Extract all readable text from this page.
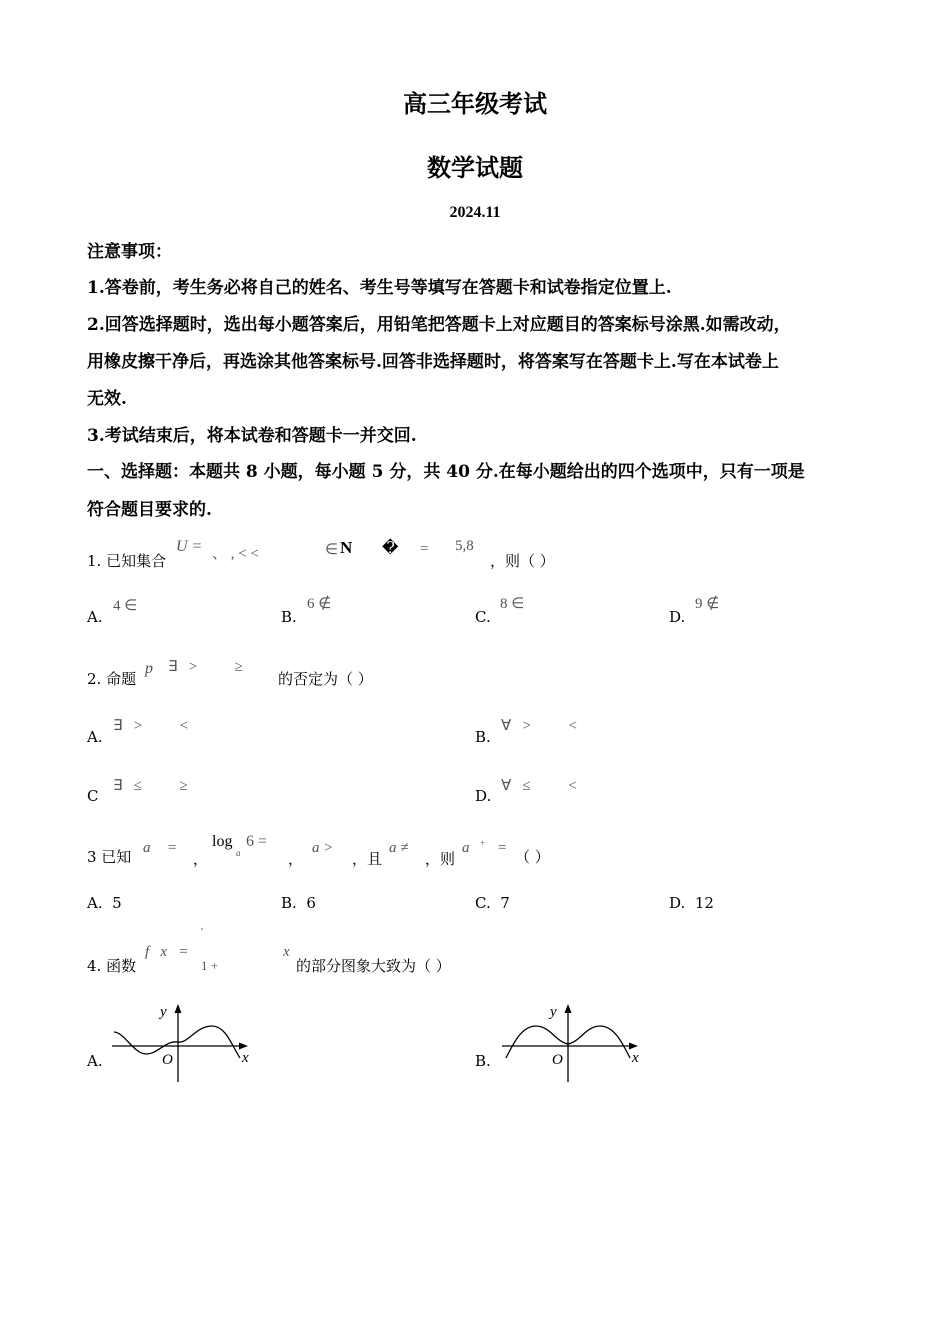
高三年级考试
数学试题
2024.11
注意事项：
1.答卷前，考生务必将自己的姓名、考生号等填写在答题卡和试卷指定位置上.
2.回答选择题时，选出每小题答案后，用铅笔把答题卡上对应题目的答案标号涂黑.如需改动，
用橡皮擦干净后，再选涂其他答案标号.回答非选择题时，将答案写在答题卡上.写在本试卷上
无效.
3.考试结束后，将本试卷和答题卡一并交回.
一、选择题：本题共 8 小题，每小题 5 分，共 40 分.在每小题给出的四个选项中，只有一项是
符合题目要求的.
1. 已知集合
U = 、 , < <	∈ N � = 5,8
，则（ ）
A.
4 ∈
B.
6 ∉
C.
8 ∈
D.
9 ∉
2. 命题
p ∃   >          ≥
的否定为（ ）
A.
∃   >          <
B.
∀   >          <
C
∃   ≤          ≥
D.
∀   ≤          <
3 已知 a =
，
log
a
6 =
，
a >
，且
a ≠
，则
a + = （ ）
A. 5	B. 6	C. 7	D. 12
4. 函数
f   x   =
'
1 +
x
的部分图象大致为（ ）
A.
y
x
O	B.
y
x
O
